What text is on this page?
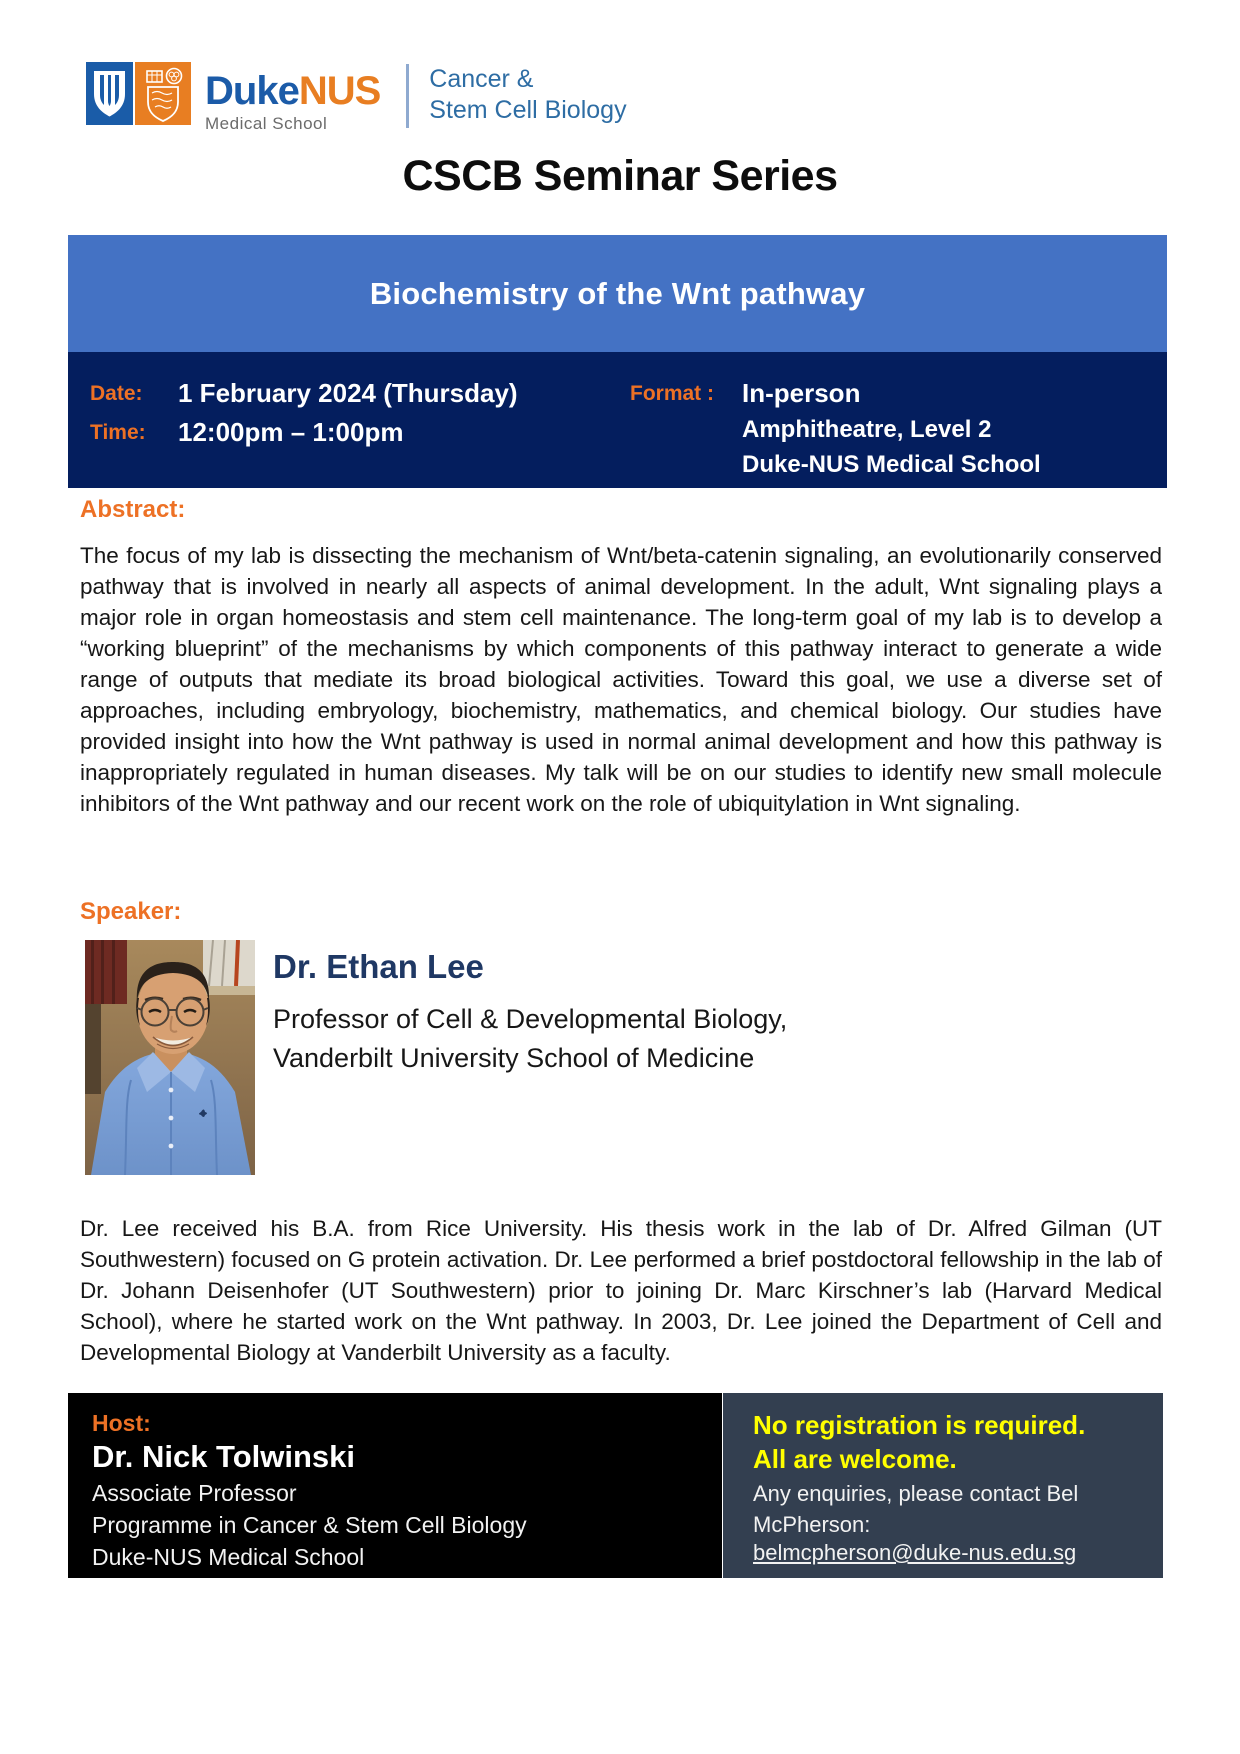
DukeNUS
Medical School
Cancer &
Stem Cell Biology
CSCB Seminar Series
Biochemistry of the Wnt pathway
Date:	1 February 2024 (Thursday)
Time:	12:00pm – 1:00pm
Format :	In-person
Amphitheatre, Level 2
Duke-NUS Medical School
Abstract:
The focus of my lab is dissecting the mechanism of Wnt/beta-catenin signaling, an evolutionarily conserved pathway that is involved in nearly all aspects of animal development. In the adult, Wnt signaling plays a major role in organ homeostasis and stem cell maintenance. The long-term goal of my lab is to develop a “working blueprint” of the mechanisms by which components of this pathway interact to generate a wide range of outputs that mediate its broad biological activities. Toward this goal, we use a diverse set of approaches, including embryology, biochemistry, mathematics, and chemical biology. Our studies have provided insight into how the Wnt pathway is used in normal animal development and how this pathway is inappropriately regulated in human diseases. My talk will be on our studies to identify new small molecule inhibitors of the Wnt pathway and our recent work on the role of ubiquitylation in Wnt signaling.
Speaker:
Dr. Ethan Lee
Professor of Cell & Developmental Biology,
Vanderbilt University School of Medicine
Dr. Lee received his B.A. from Rice University. His thesis work in the lab of Dr. Alfred Gilman (UT Southwestern) focused on G protein activation. Dr. Lee performed a brief postdoctoral fellowship in the lab of Dr. Johann Deisenhofer (UT Southwestern) prior to joining Dr. Marc Kirschner’s lab (Harvard Medical School), where he started work on the Wnt pathway. In 2003, Dr. Lee joined the Department of Cell and Developmental Biology at Vanderbilt University as a faculty.
Host:
Dr. Nick Tolwinski
Associate Professor
Programme in Cancer & Stem Cell Biology
Duke-NUS Medical School
No registration is required.
All are welcome.
Any enquiries, please contact Bel
McPherson:
belmcpherson@duke-nus.edu.sg
